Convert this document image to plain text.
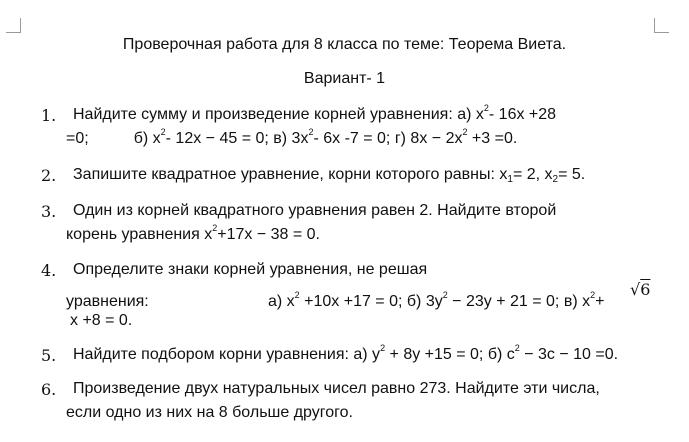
Проверочная работа для 8 класса по теме: Теорема Виета.
Вариант- 1
1. Найдите сумму и произведение корней уравнения: а) $x^2-$ 16x +28
=0;	б) $x^2-$ 12x − 45 = 0; в) $3x^2-$ 6x -7 = 0; г) $8x - 2x^2 +3 =0$.
2. Запишите квадратное уравнение, корни которого равны: $x_1= 2$, $x_2= 5$.
3. Один из корней квадратного уравнения равен 2. Найдите второй
корень уравнения $x^2+17x - 38 = 0$.
4. Определите знаки корней уравнения, не решая
уравнения:	а) $x^2 +10x +17 = 0$; б) $3y^2 - 23y + 21 = 0$; в) $x^2+$
√6
x +8 = 0.
5. Найдите подбором корни уравнения: а) $y^2 + 8y +15 = 0$; б) $c^2 - 3c - 10 =0$.
6. Произведение двух натуральных чисел равно 273. Найдите эти числа,
если одно из них на 8 больше другого.
